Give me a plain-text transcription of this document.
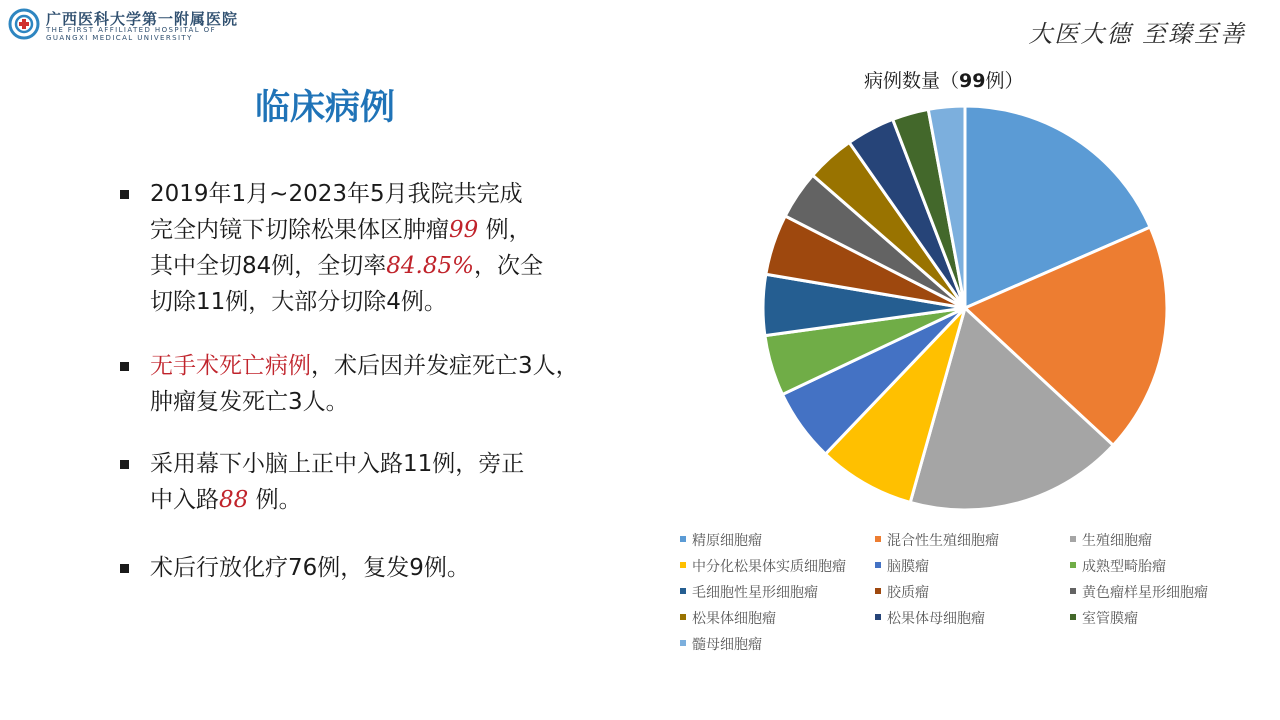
广西医科大学第一附属医院
THE FIRST AFFILIATED HOSPITAL OF
GUANGXI MEDICAL UNIVERSITY	大医大德 至臻至善
临床病例
2019年1月~2023年5月我院共完成
完全内镜下切除松果体区肿瘤99 例，
其中全切84例，全切率84.85%，次全
切除11例，大部分切除4例。
无手术死亡病例，术后因并发症死亡3人，
肿瘤复发死亡3人。
采用幕下小脑上正中入路11例，旁正
中入路88 例。
术后行放化疗76例，复发9例。
病例数量（99例）
精原细胞瘤	混合性生殖细胞瘤	生殖细胞瘤
中分化松果体实质细胞瘤	脑膜瘤	成熟型畸胎瘤
毛细胞性星形细胞瘤	胶质瘤	黄色瘤样星形细胞瘤
松果体细胞瘤	松果体母细胞瘤	室管膜瘤
髓母细胞瘤
